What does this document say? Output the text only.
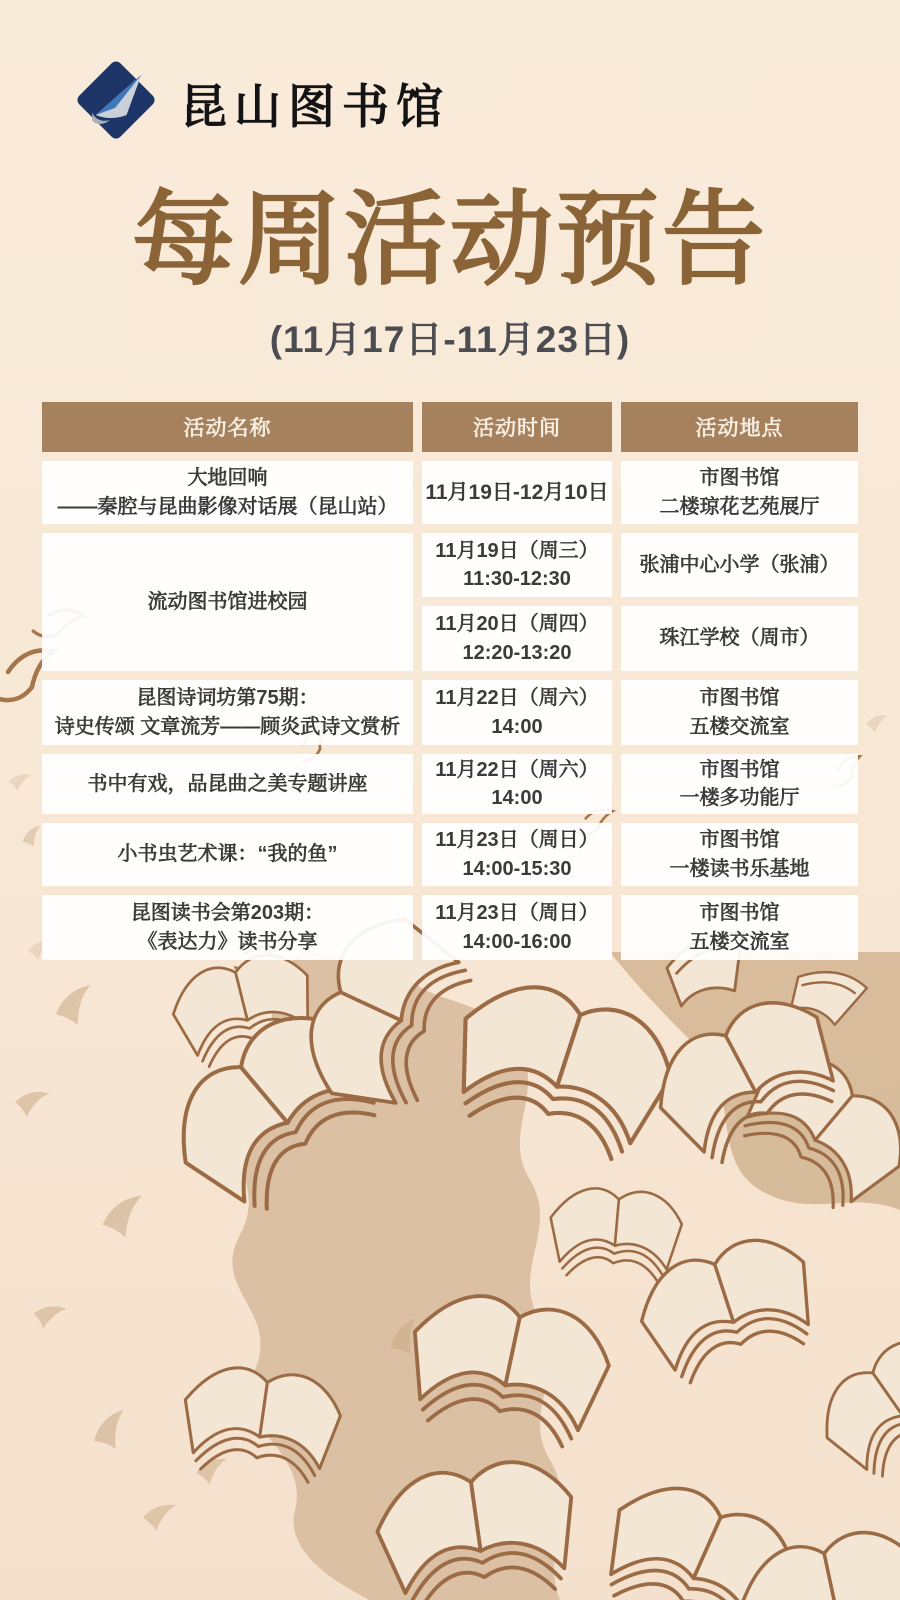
昆山图书馆
每周活动预告
(11月17日-11月23日)
活动名称	活动时间	活动地点
大地回响
——秦腔与昆曲影像对话展（昆山站）
11月19日-12月10日
市图书馆
二楼琼花艺苑展厅
流动图书馆进校园
11月19日（周三）
11:30-12:30
张浦中心小学（张浦）
11月20日（周四）
12:20-13:20
珠江学校（周市）
昆图诗词坊第75期：
诗史传颂 文章流芳——顾炎武诗文赏析
11月22日（周六）
14:00
市图书馆
五楼交流室
书中有戏，品昆曲之美专题讲座
11月22日（周六）
14:00
市图书馆
一楼多功能厅
小书虫艺术课：“我的鱼”
11月23日（周日）
14:00-15:30
市图书馆
一楼读书乐基地
昆图读书会第203期：
《表达力》读书分享
11月23日（周日）
14:00-16:00
市图书馆
五楼交流室
